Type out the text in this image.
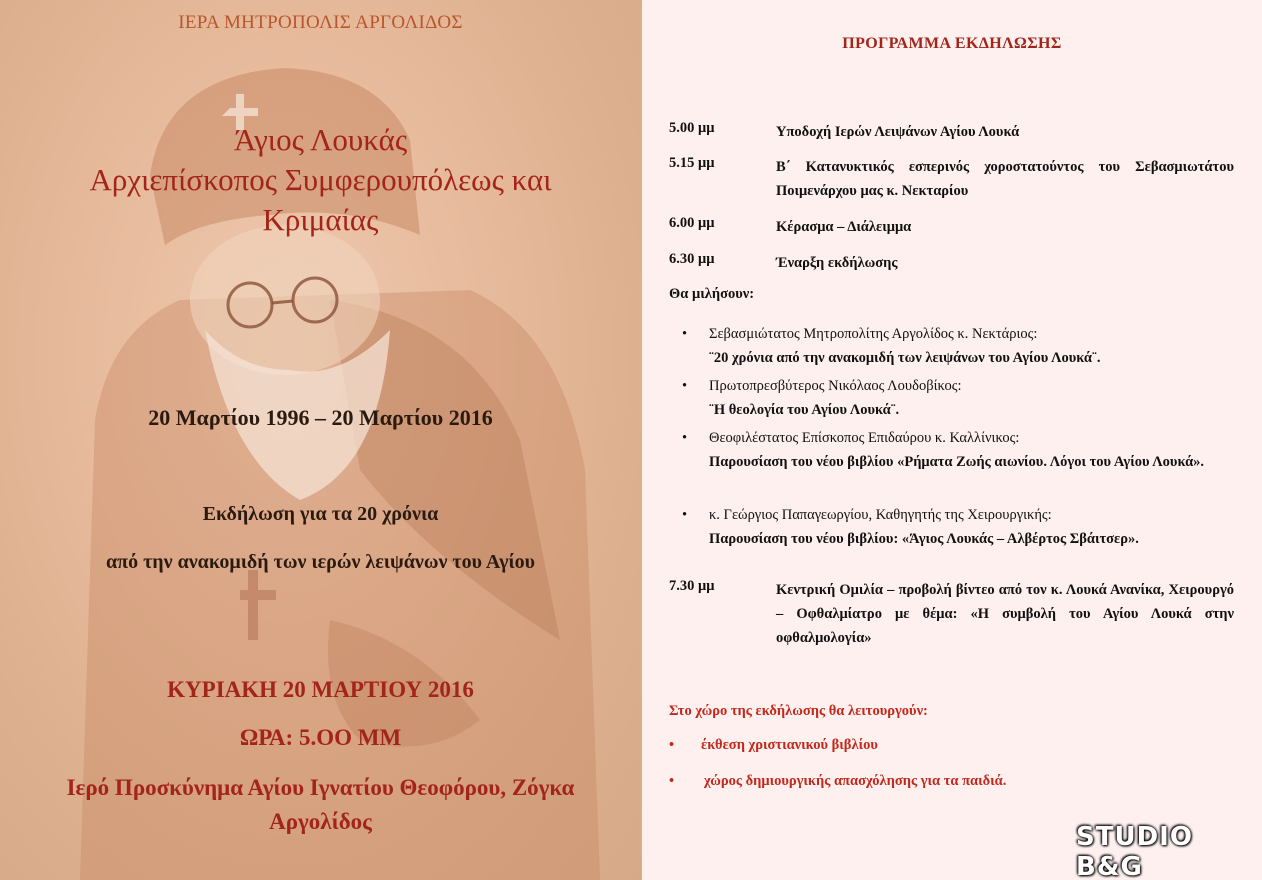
ΙΕΡΑ ΜΗΤΡΟΠΟΛΙΣ ΑΡΓΟΛΙΔΟΣ
Άγιος Λουκάς
Αρχιεπίσκοπος Συμφερουπόλεως και
Κριμαίας
20 Μαρτίου 1996 – 20 Μαρτίου 2016
Εκδήλωση για τα 20 χρόνια
από την ανακομιδή των ιερών λειψάνων του Αγίου
ΚΥΡΙΑΚΗ 20 ΜΑΡΤΙΟΥ 2016
ΩΡΑ: 5.ΟΟ ΜΜ
Ιερό Προσκύνημα Αγίου Ιγνατίου Θεοφόρου, Ζόγκα
Αργολίδος
ΠΡΟΓΡΑΜΜΑ ΕΚΔΗΛΩΣΗΣ
5.00 μμ	Υποδοχή Ιερών Λειψάνων Αγίου Λουκά
5.15 μμ	Β΄ Κατανυκτικός εσπερινός χοροστατούντος του Σεβασμιωτάτου Ποιμενάρχου μας κ. Νεκταρίου
6.00 μμ	Κέρασμα – Διάλειμμα
6.30 μμ	Έναρξη εκδήλωσης
Θα μιλήσουν:
• Σεβασμιώτατος Μητροπολίτης Αργολίδος κ. Νεκτάριος:
¨20 χρόνια από την ανακομιδή των λειψάνων του Αγίου Λουκά¨.
• Πρωτοπρεσβύτερος Νικόλαος Λουδοβίκος:
¨Η θεολογία του Αγίου Λουκά¨.
• Θεοφιλέστατος Επίσκοπος Επιδαύρου κ. Καλλίνικος:
Παρουσίαση του νέου βιβλίου «Ρήματα Ζωής αιωνίου. Λόγοι του Αγίου Λουκά».
• κ. Γεώργιος Παπαγεωργίου, Καθηγητής της Χειρουργικής:
Παρουσίαση του νέου βιβλίου: «Άγιος Λουκάς – Αλβέρτος Σβάιτσερ».
7.30 μμ	Κεντρική Ομιλία – προβολή βίντεο από τον κ. Λουκά Ανανίκα, Χειρουργό – Οφθαλμίατρο με θέμα: «Η συμβολή του Αγίου Λουκά στην οφθαλμολογία»
Στο χώρο της εκδήλωσης θα λειτουργούν:
• έκθεση χριστιανικού βιβλίου
• χώρος δημιουργικής απασχόλησης για τα παιδιά.
STUDIO B&G
